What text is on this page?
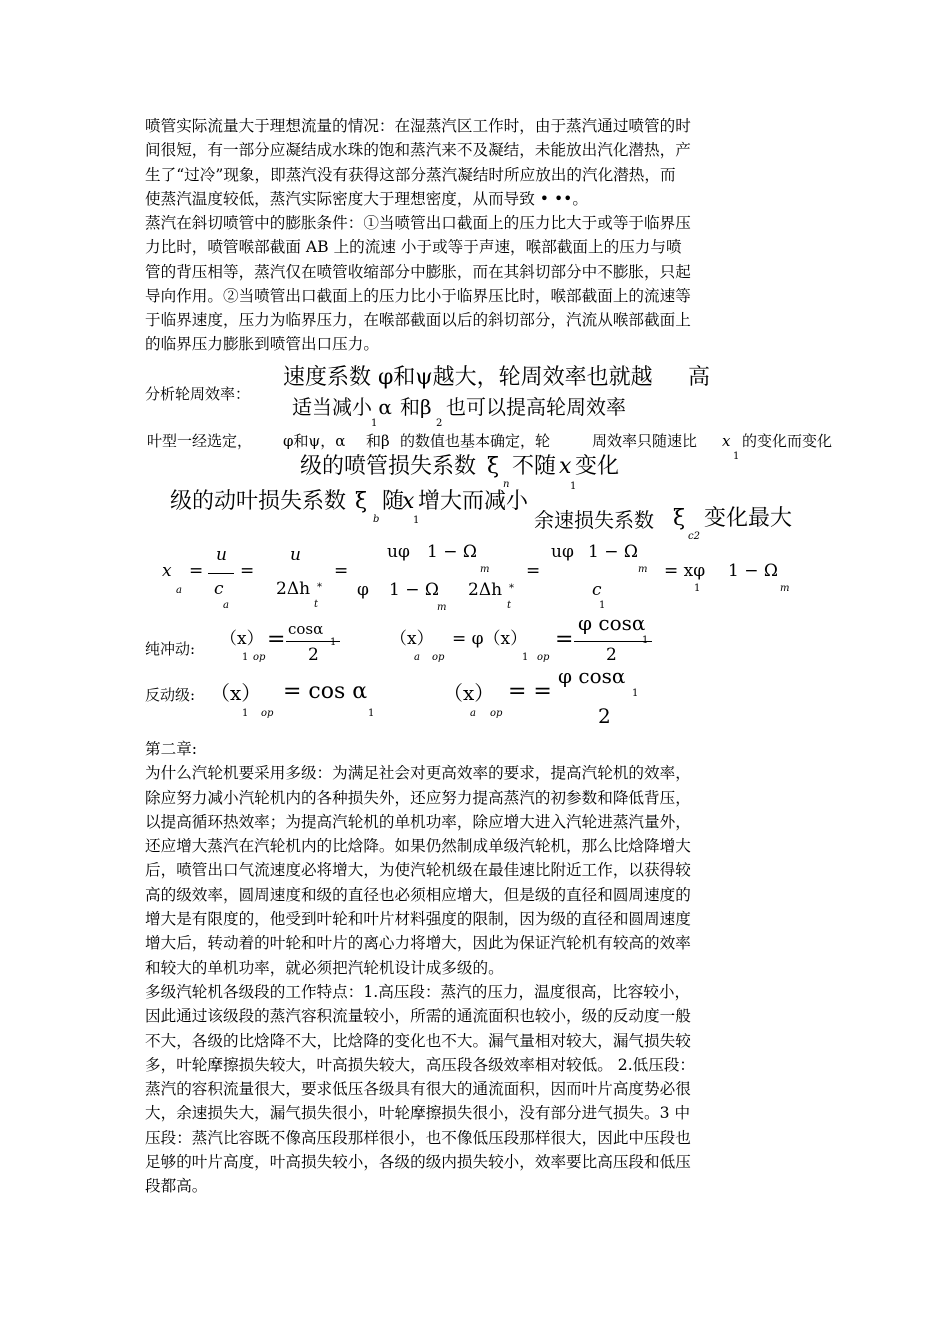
喷管实际流量大于理想流量的情况：在湿蒸汽区工作时，由于蒸汽通过喷管的时
间很短，有一部分应凝结成水珠的饱和蒸汽来不及凝结，未能放出汽化潜热，产
生了“过冷”现象，即蒸汽没有获得这部分蒸汽凝结时所应放出的汽化潜热，而
使蒸汽温度较低，蒸汽实际密度大于理想密度，从而导致 • ••。
蒸汽在斜切喷管中的膨胀条件：①当喷管出口截面上的压力比大于或等于临界压
力比时，喷管喉部截面 AB 上的流速 小于或等于声速，喉部截面上的压力与喷
管的背压相等，蒸汽仅在喷管收缩部分中膨胀，而在其斜切部分中不膨胀，只起
导向作用。②当喷管出口截面上的压力比小于临界压比时，喉部截面上的流速等
于临界速度，压力为临界压力，在喉部截面以后的斜切部分，汽流从喉部截面上
的临界压力膨胀到喷管出口压力。
分析轮周效率：
速度系数 φ和ψ越大，轮周效率也就越 高
适当减小 α 和β 也可以提高轮周效率
1	2
叶型一经选定， φ和ψ，α 和β 的数值也基本确定，轮	周效率只随速比 x
1
的变化而变化
级的喷管损失系数 ξ 不随 x 变化
n	1
级的动叶损失系数 ξ 随
x 增大而减小
b	1	余速损失系数 ξ
c2
变化最大
x
a
=
u
c
a
=
u
2Δh *
t
=
uφ 1 − Ω
m
φ 1 − Ω
m
2Δh *
t
=
uφ 1 − Ω
m
c
1
= xφ
1
1 − Ω
m
纯冲动: （x）
1 op
= cosα
1
2
（x）
a op
= φ（x）
1 op
=
φ cosα
1
2
反动级: （x）
1 op
= cos α
1
（x）
a op
= =
φ cosα
1
2
第二章:
为什么汽轮机要采用多级：为满足社会对更高效率的要求，提高汽轮机的效率，
除应努力减小汽轮机内的各种损失外，还应努力提高蒸汽的初参数和降低背压，
以提高循环热效率；为提高汽轮机的单机功率，除应增大进入汽轮进蒸汽量外，
还应增大蒸汽在汽轮机内的比焓降。如果仍然制成单级汽轮机，那么比焓降增大
后，喷管出口气流速度必将增大，为使汽轮机级在最佳速比附近工作，以获得较
高的级效率，圆周速度和级的直径也必须相应增大，但是级的直径和圆周速度的
增大是有限度的，他受到叶轮和叶片材料强度的限制，因为级的直径和圆周速度
增大后，转动着的叶轮和叶片的离心力将增大，因此为保证汽轮机有较高的效率
和较大的单机功率，就必须把汽轮机设计成多级的。
多级汽轮机各级段的工作特点：1.高压段：蒸汽的压力，温度很高，比容较小，
因此通过该级段的蒸汽容积流量较小，所需的通流面积也较小，级的反动度一般
不大，各级的比焓降不大，比焓降的变化也不大。漏气量相对较大，漏气损失较
多，叶轮摩擦损失较大，叶高损失较大，高压段各级效率相对较低。 2.低压段：
蒸汽的容积流量很大，要求低压各级具有很大的通流面积，因而叶片高度势必很
大，余速损失大，漏气损失很小，叶轮摩擦损失很小，没有部分进气损失。3 中
压段：蒸汽比容既不像高压段那样很小，也不像低压段那样很大，因此中压段也
足够的叶片高度，叶高损失较小，各级的级内损失较小，效率要比高压段和低压
段都高。
